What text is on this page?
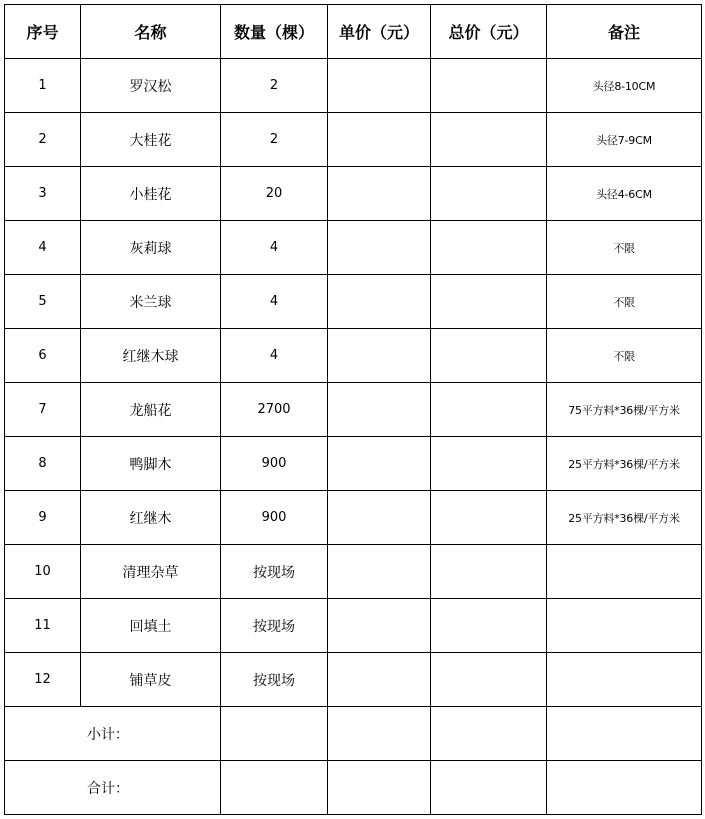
序号	名称	数量（棵）	单价（元）	总价（元）	备注
1	罗汉松	2			头径8-10CM
2	大桂花	2			头径7-9CM
3	小桂花	20			头径4-6CM
4	灰莉球	4			不限
5	米兰球	4			不限
6	红继木球	4			不限
7	龙船花	2700			75平方料*36棵/平方米
8	鸭脚木	900			25平方料*36棵/平方米
9	红继木	900			25平方料*36棵/平方米
10	清理杂草	按现场			
11	回填土	按现场			
12	铺草皮	按现场			
小计：					
合计：					
